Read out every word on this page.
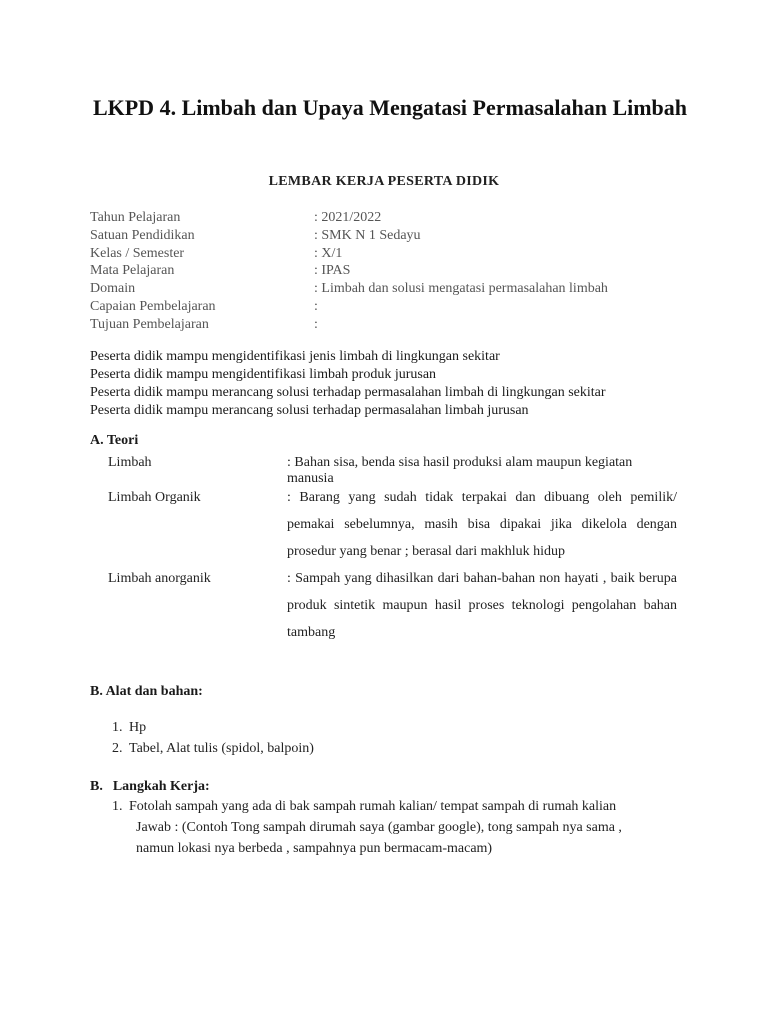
LKPD 4. Limbah dan Upaya Mengatasi Permasalahan Limbah
LEMBAR KERJA PESERTA DIDIK
Tahun Pelajaran	: 2021/2022
Satuan Pendidikan	: SMK N 1 Sedayu
Kelas / Semester	: X/1
Mata Pelajaran	: IPAS
Domain	: Limbah dan solusi mengatasi permasalahan limbah
Capaian Pembelajaran	:
Tujuan Pembelajaran	:
Peserta didik mampu mengidentifikasi jenis limbah di lingkungan sekitar
Peserta didik mampu mengidentifikasi limbah produk jurusan
Peserta didik mampu merancang solusi terhadap permasalahan limbah di lingkungan sekitar
Peserta didik mampu merancang solusi terhadap permasalahan limbah jurusan
A. Teori
Limbah	: Bahan sisa, benda sisa hasil produksi alam maupun kegiatan manusia
Limbah Organik	: Barang yang sudah tidak terpakai dan dibuang oleh pemilik/ pemakai sebelumnya, masih bisa dipakai jika dikelola dengan prosedur yang benar ; berasal dari makhluk hidup
Limbah anorganik	: Sampah yang dihasilkan dari bahan-bahan non hayati , baik berupa produk sintetik maupun hasil proses teknologi pengolahan bahan tambang
B. Alat dan bahan:
1. Hp
2. Tabel, Alat tulis (spidol, balpoin)
B. Langkah Kerja:
1. Fotolah sampah yang ada di bak sampah rumah kalian/ tempat sampah di rumah kalian
Jawab : (Contoh Tong sampah dirumah saya (gambar google), tong sampah nya sama ,
namun lokasi nya berbeda , sampahnya pun bermacam-macam)
